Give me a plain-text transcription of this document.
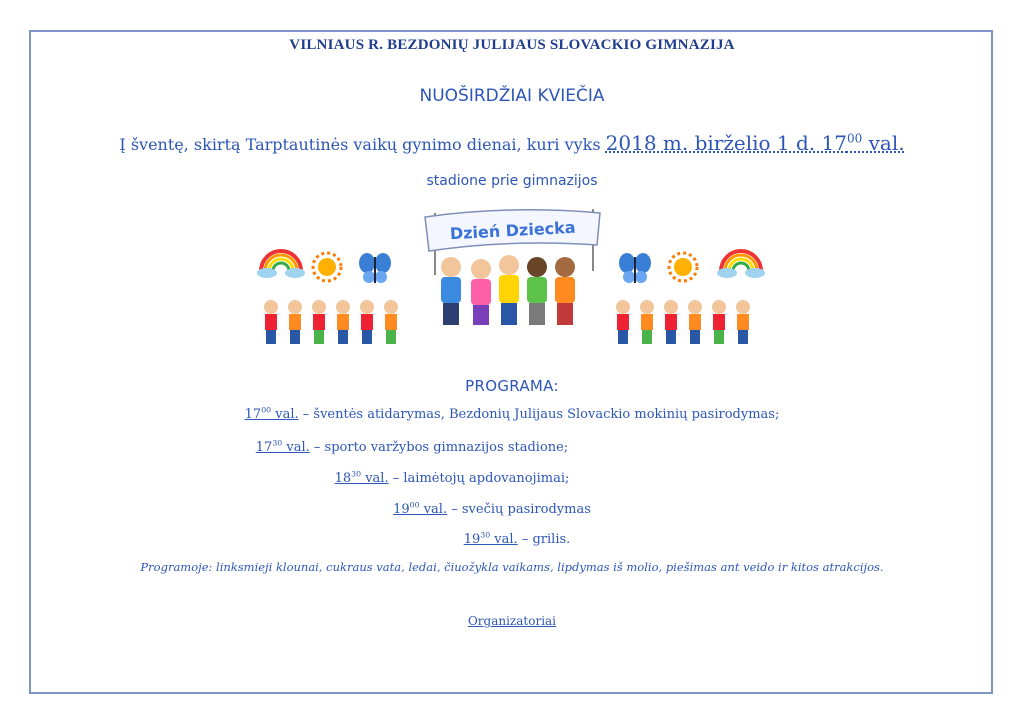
VILNIAUS R. BEZDONIŲ JULIJAUS SLOVACKIO GIMNAZIJA
NUOŠIRDŽIAI KVIEČIA
Į šventę, skirtą Tarptautinės vaikų gynimo dienai, kuri vyks 2018 m. birželio 1 d. $17^{00}$ val.
stadione prie gimnazijos
Dzień Dziecka
PROGRAMA:
$17^{00}$ val. – šventės atidarymas, Bezdonių Julijaus Slovackio mokinių pasirodymas;
$17^{30}$ val. – sporto varžybos gimnazijos stadione;
$18^{30}$ val. – laimėtojų apdovanojimai;
$19^{00}$ val. – svečių pasirodymas
$19^{30}$ val. – grilis.
Programoje: linksmieji klounai, cukraus vata, ledai, čiuožykla vaikams, lipdymas iš molio, piešimas ant veido ir kitos atrakcijos.
Organizatoriai
